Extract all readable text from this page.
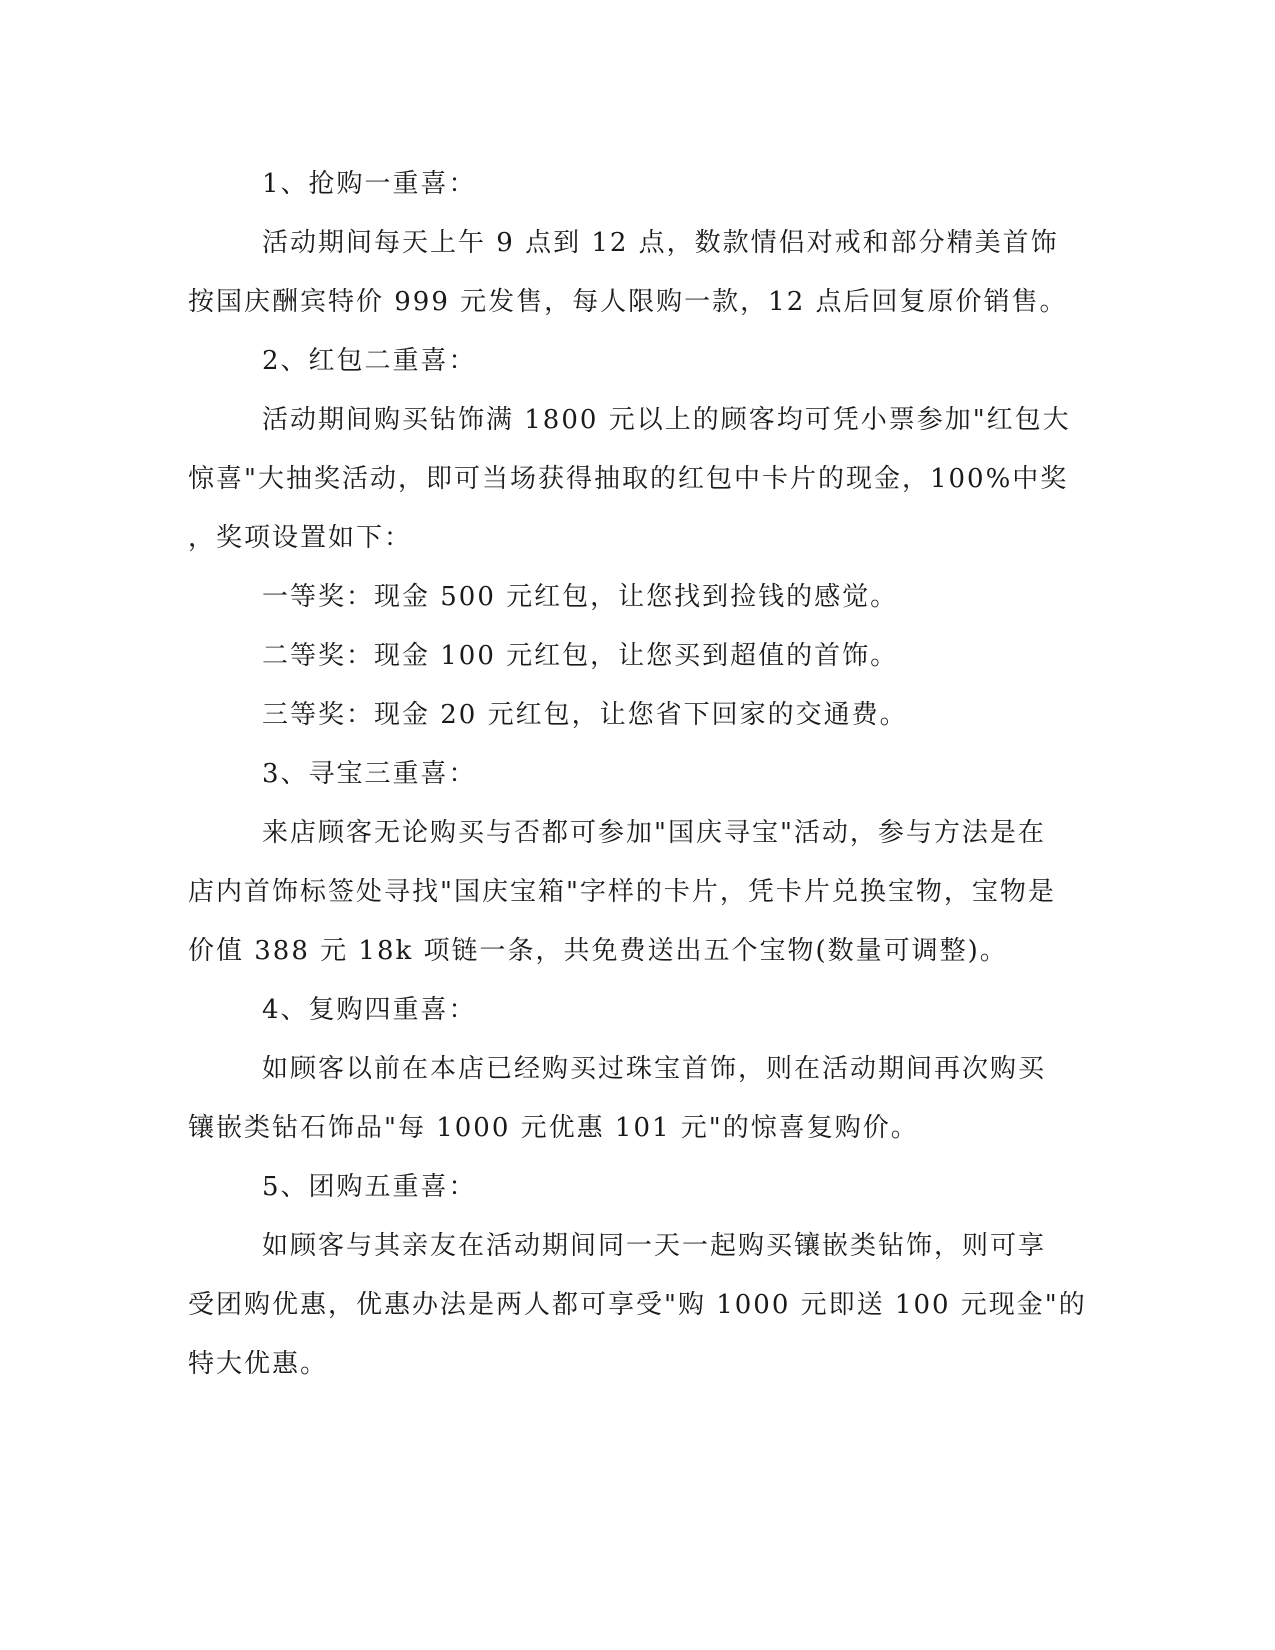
1、抢购一重喜：
活动期间每天上午 9 点到 12 点，数款情侣对戒和部分精美首饰
按国庆酬宾特价 999 元发售，每人限购一款，12 点后回复原价销售。
2、红包二重喜：
活动期间购买钻饰满 1800 元以上的顾客均可凭小票参加"红包大
惊喜"大抽奖活动，即可当场获得抽取的红包中卡片的现金，100%中奖
，奖项设置如下：
一等奖：现金 500 元红包，让您找到捡钱的感觉。
二等奖：现金 100 元红包，让您买到超值的首饰。
三等奖：现金 20 元红包，让您省下回家的交通费。
3、寻宝三重喜：
来店顾客无论购买与否都可参加"国庆寻宝"活动，参与方法是在
店内首饰标签处寻找"国庆宝箱"字样的卡片，凭卡片兑换宝物，宝物是
价值 388 元 18k 项链一条，共免费送出五个宝物(数量可调整)。
4、复购四重喜：
如顾客以前在本店已经购买过珠宝首饰，则在活动期间再次购买
镶嵌类钻石饰品"每 1000 元优惠 101 元"的惊喜复购价。
5、团购五重喜：
如顾客与其亲友在活动期间同一天一起购买镶嵌类钻饰，则可享
受团购优惠，优惠办法是两人都可享受"购 1000 元即送 100 元现金"的
特大优惠。
